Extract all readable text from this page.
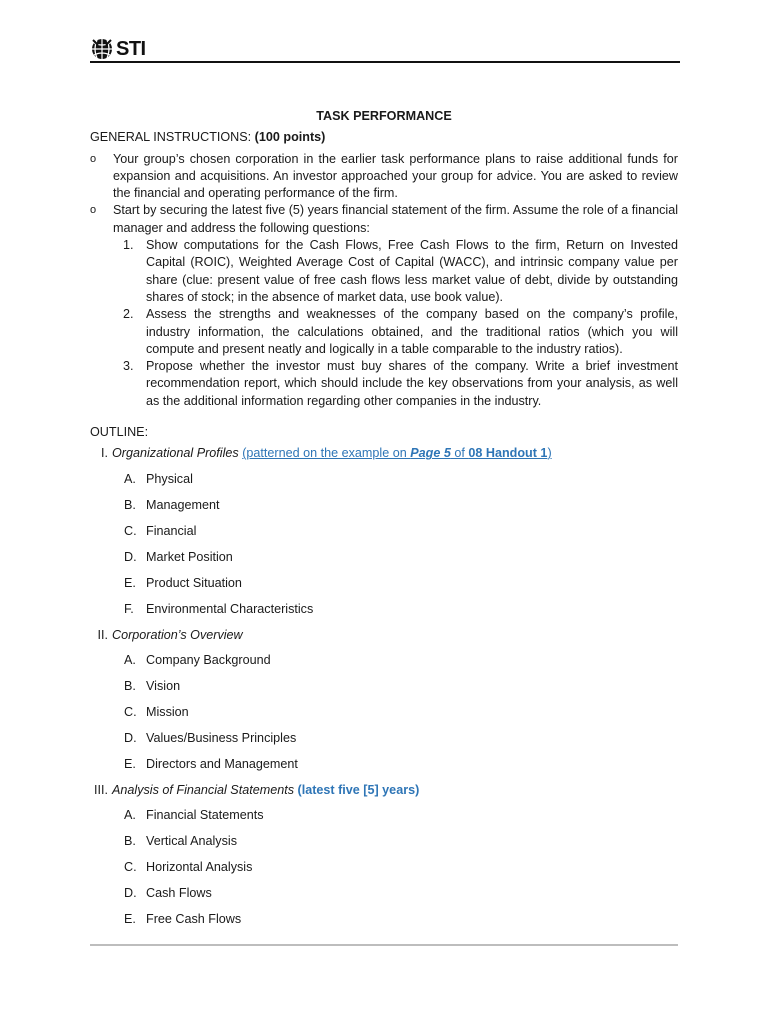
STI
TASK PERFORMANCE
GENERAL INSTRUCTIONS: (100 points)
o Your group’s chosen corporation in the earlier task performance plans to raise additional funds for expansion and acquisitions. An investor approached your group for advice. You are asked to review the financial and operating performance of the firm.
o Start by securing the latest five (5) years financial statement of the firm. Assume the role of a financial manager and address the following questions:
1. Show computations for the Cash Flows, Free Cash Flows to the firm, Return on Invested Capital (ROIC), Weighted Average Cost of Capital (WACC), and intrinsic company value per share (clue: present value of free cash flows less market value of debt, divide by outstanding shares of stock; in the absence of market data, use book value).
2. Assess the strengths and weaknesses of the company based on the company’s profile, industry information, the calculations obtained, and the traditional ratios (which you will compute and present neatly and logically in a table comparable to the industry ratios).
3. Propose whether the investor must buy shares of the company. Write a brief investment recommendation report, which should include the key observations from your analysis, as well as the additional information regarding other companies in the industry.
OUTLINE:
I. Organizational Profiles (patterned on the example on Page 5 of 08 Handout 1)
A. Physical
B. Management
C. Financial
D. Market Position
E. Product Situation
F. Environmental Characteristics
II. Corporation’s Overview
A. Company Background
B. Vision
C. Mission
D. Values/Business Principles
E. Directors and Management
III. Analysis of Financial Statements (latest five [5] years)
A. Financial Statements
B. Vertical Analysis
C. Horizontal Analysis
D. Cash Flows
E. Free Cash Flows
